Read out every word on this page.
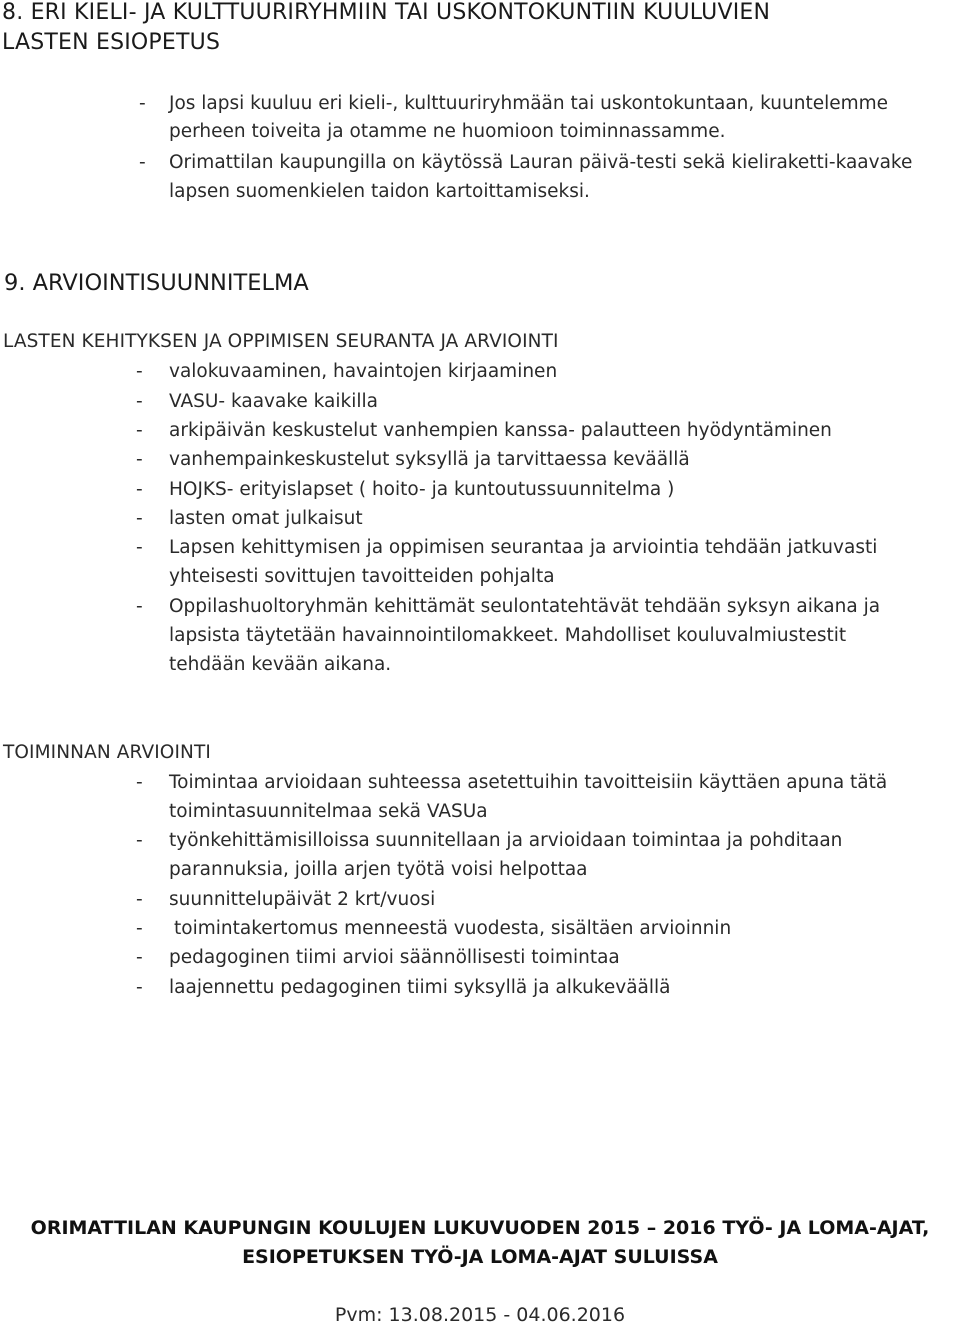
8. ERI KIELI- JA KULTTUURIRYHMIIN TAI USKONTOKUNTIIN KUULUVIEN
LASTEN ESIOPETUS
- Jos lapsi kuuluu eri kieli-, kulttuuriryhmään tai uskontokuntaan, kuuntelemme
perheen toiveita ja otamme ne huomioon toiminnassamme.
- Orimattilan kaupungilla on käytössä Lauran päivä-testi sekä kieliraketti-kaavake
lapsen suomenkielen taidon kartoittamiseksi.
9. ARVIOINTISUUNNITELMA
LASTEN KEHITYKSEN JA OPPIMISEN SEURANTA JA ARVIOINTI
- valokuvaaminen, havaintojen kirjaaminen
- VASU- kaavake kaikilla
- arkipäivän keskustelut vanhempien kanssa- palautteen hyödyntäminen
- vanhempainkeskustelut syksyllä ja tarvittaessa keväällä
- HOJKS- erityislapset ( hoito- ja kuntoutussuunnitelma )
- lasten omat julkaisut
- Lapsen kehittymisen ja oppimisen seurantaa ja arviointia tehdään jatkuvasti
yhteisesti sovittujen tavoitteiden pohjalta
- Oppilashuoltoryhmän kehittämät seulontatehtävät tehdään syksyn aikana ja
lapsista täytetään havainnointilomakkeet. Mahdolliset kouluvalmiustestit
tehdään kevään aikana.
TOIMINNAN ARVIOINTI
- Toimintaa arvioidaan suhteessa asetettuihin tavoitteisiin käyttäen apuna tätä
toimintasuunnitelmaa sekä VASUa
- työnkehittämisilloissa suunnitellaan ja arvioidaan toimintaa ja pohditaan
parannuksia, joilla arjen työtä voisi helpottaa
- suunnittelupäivät 2 krt/vuosi
- toimintakertomus menneestä vuodesta, sisältäen arvioinnin
- pedagoginen tiimi arvioi säännöllisesti toimintaa
- laajennettu pedagoginen tiimi syksyllä ja alkukeväällä
ORIMATTILAN KAUPUNGIN KOULUJEN LUKUVUODEN 2015 – 2016 TYÖ- JA LOMA-AJAT,
ESIOPETUKSEN TYÖ-JA LOMA-AJAT SULUISSA
Pvm: 13.08.2015 - 04.06.2016
